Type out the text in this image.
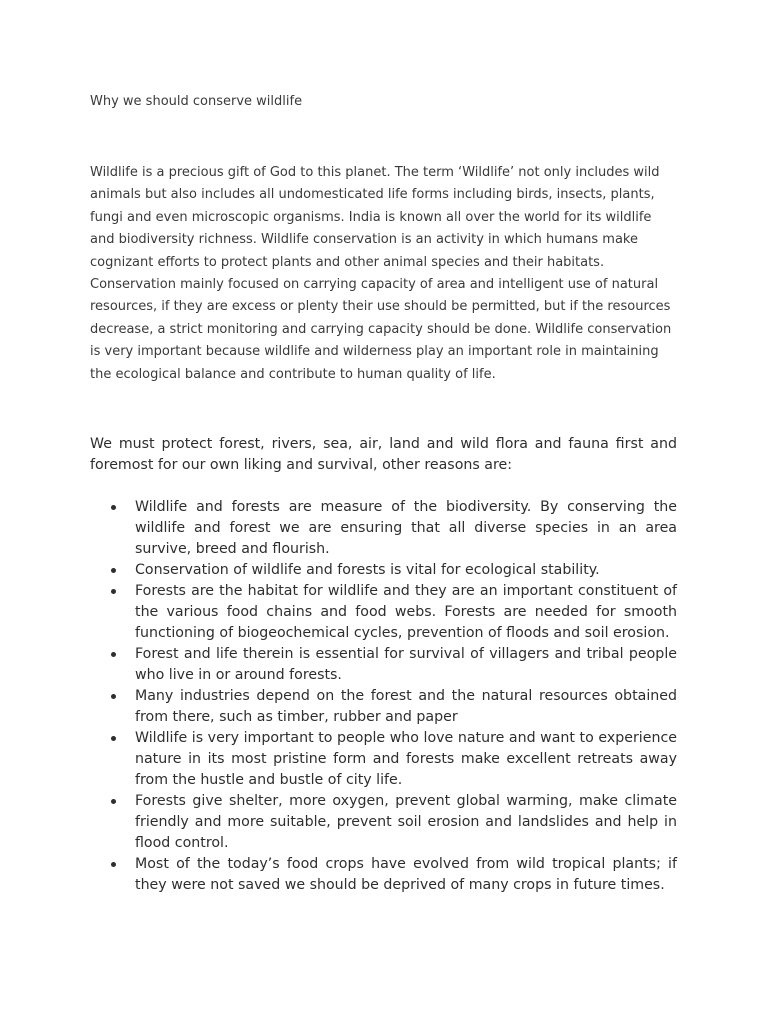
Why we should conserve wildlife

Wildlife is a precious gift of God to this planet. The term ‘Wildlife’ not only includes wild animals but also includes all undomesticated life forms including birds, insects, plants, fungi and even microscopic organisms. India is known all over the world for its wildlife and biodiversity richness. Wildlife conservation is an activity in which humans make cognizant efforts to protect plants and other animal species and their habitats. Conservation mainly focused on carrying capacity of area and intelligent use of natural resources, if they are excess or plenty their use should be permitted, but if the resources decrease, a strict monitoring and carrying capacity should be done. Wildlife conservation is very important because wildlife and wilderness play an important role in maintaining the ecological balance and contribute to human quality of life.

We must protect forest, rivers, sea, air, land and wild flora and fauna first and foremost for our own liking and survival, other reasons are:

Wildlife and forests are measure of the biodiversity. By conserving the wildlife and forest we are ensuring that all diverse species in an area survive, breed and flourish.
Conservation of wildlife and forests is vital for ecological stability.
Forests are the habitat for wildlife and they are an important constituent of the various food chains and food webs. Forests are needed for smooth functioning of biogeochemical cycles, prevention of floods and soil erosion.
Forest and life therein is essential for survival of villagers and tribal people who live in or around forests.
Many industries depend on the forest and the natural resources obtained from there, such as timber, rubber and paper
Wildlife is very important to people who love nature and want to experience nature in its most pristine form and forests make excellent retreats away from the hustle and bustle of city life.
Forests give shelter, more oxygen, prevent global warming, make climate friendly and more suitable, prevent soil erosion and landslides and help in flood control.
Most of the today’s food crops have evolved from wild tropical plants; if they were not saved we should be deprived of many crops in future times.
